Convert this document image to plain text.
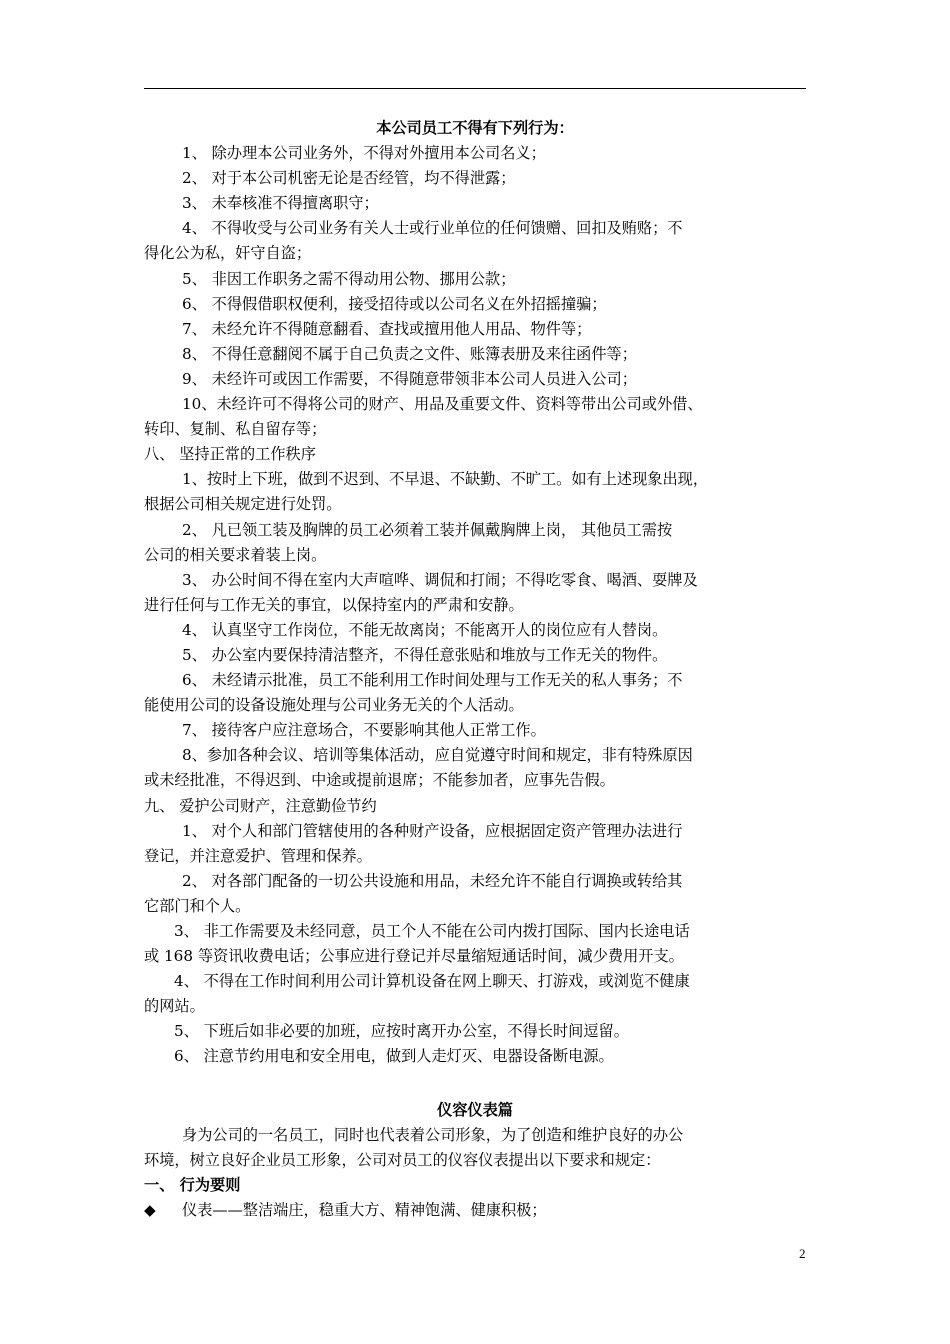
本公司员工不得有下列行为：
1、 除办理本公司业务外，不得对外擅用本公司名义；
2、 对于本公司机密无论是否经管，均不得泄露；
3、 未奉核准不得擅离职守；
4、 不得收受与公司业务有关人士或行业单位的任何馈赠、回扣及贿赂；不
得化公为私，奸守自盗；
5、 非因工作职务之需不得动用公物、挪用公款；
6、 不得假借职权便利，接受招待或以公司名义在外招摇撞骗；
7、 未经允许不得随意翻看、查找或擅用他人用品、物件等；
8、 不得任意翻阅不属于自己负责之文件、账簿表册及来往函件等；
9、 未经许可或因工作需要，不得随意带领非本公司人员进入公司；
10、未经许可不得将公司的财产、用品及重要文件、资料等带出公司或外借、
转印、复制、私自留存等；
八、 坚持正常的工作秩序
1、按时上下班，做到不迟到、不早退、不缺勤、不旷工。如有上述现象出现，
根据公司相关规定进行处罚。
2、 凡已领工装及胸牌的员工必须着工装并佩戴胸牌上岗， 其他员工需按
公司的相关要求着装上岗。
3、 办公时间不得在室内大声喧哗、调侃和打闹；不得吃零食、喝酒、耍牌及
进行任何与工作无关的事宜，以保持室内的严肃和安静。
4、 认真坚守工作岗位，不能无故离岗；不能离开人的岗位应有人替岗。
5、 办公室内要保持清洁整齐，不得任意张贴和堆放与工作无关的物件。
6、 未经请示批准，员工不能利用工作时间处理与工作无关的私人事务；不
能使用公司的设备设施处理与公司业务无关的个人活动。
7、 接待客户应注意场合，不要影响其他人正常工作。
8、参加各种会议、培训等集体活动，应自觉遵守时间和规定，非有特殊原因
或未经批准，不得迟到、中途或提前退席；不能参加者，应事先告假。
九、 爱护公司财产，注意勤俭节约
1、 对个人和部门管辖使用的各种财产设备，应根据固定资产管理办法进行
登记，并注意爱护、管理和保养。
2、 对各部门配备的一切公共设施和用品，未经允许不能自行调换或转给其
它部门和个人。
3、 非工作需要及未经同意，员工个人不能在公司内拨打国际、国内长途电话
或 168 等资讯收费电话；公事应进行登记并尽量缩短通话时间，减少费用开支。
4、 不得在工作时间利用公司计算机设备在网上聊天、打游戏，或浏览不健康
的网站。
5、 下班后如非必要的加班，应按时离开办公室，不得长时间逗留。
6、 注意节约用电和安全用电，做到人走灯灭、电器设备断电源。
仪容仪表篇
身为公司的一名员工，同时也代表着公司形象，为了创造和维护良好的办公
环境，树立良好企业员工形象，公司对员工的仪容仪表提出以下要求和规定：
一、 行为要则
◆ 仪表——整洁端庄，稳重大方、精神饱满、健康积极；
2
